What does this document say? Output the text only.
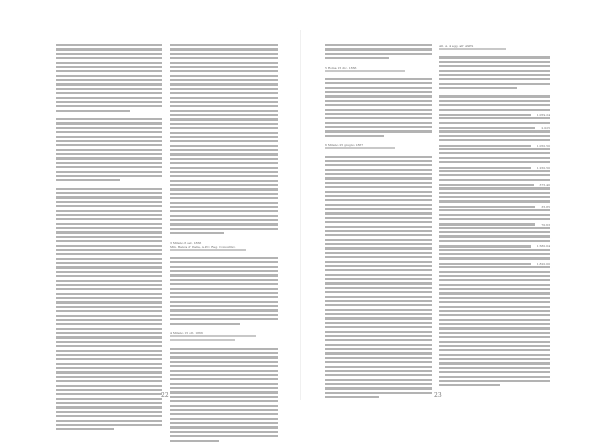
3 Milano 6 set. 1866
Min. Banca d' Italia, A.P.C. Reg. Consultivo
4 Milano 15 ott. 1866
22
5 Roma 15 dic. 1866
6 Milano 25 giugno 1867
All. A. 4 agg. all' ASPS
1.059.24
2.025
1.050.50
1.250.50
375.40
35.85
70.63
1.580.04
1.820.00
23
